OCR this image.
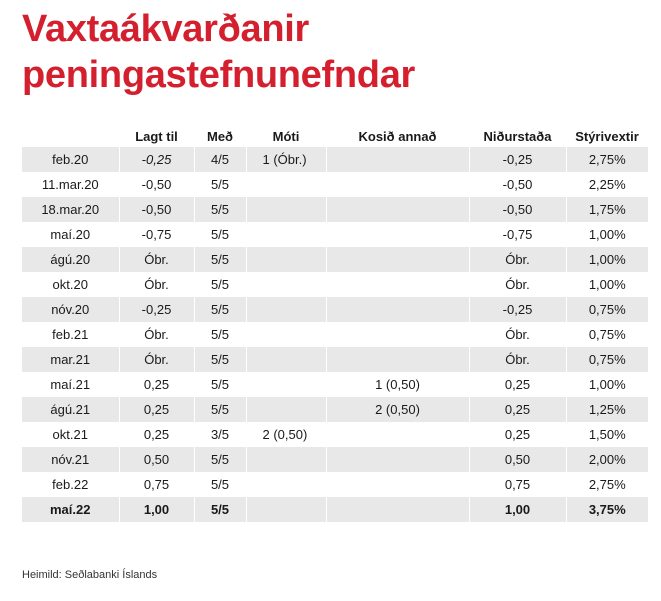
Vaxtaákvarðanir
peningastefnunefndar
	Lagt til	Með	Móti	Kosið annað	Niðurstaða	Stýrivextir
feb.20	-0,25	4/5	1 (Óbr.)		-0,25	2,75%
11.mar.20	-0,50	5/5			-0,50	2,25%
18.mar.20	-0,50	5/5			-0,50	1,75%
maí.20	-0,75	5/5			-0,75	1,00%
ágú.20	Óbr.	5/5			Óbr.	1,00%
okt.20	Óbr.	5/5			Óbr.	1,00%
nóv.20	-0,25	5/5			-0,25	0,75%
feb.21	Óbr.	5/5			Óbr.	0,75%
mar.21	Óbr.	5/5			Óbr.	0,75%
maí.21	0,25	5/5		1 (0,50)	0,25	1,00%
ágú.21	0,25	5/5		2 (0,50)	0,25	1,25%
okt.21	0,25	3/5	2 (0,50)		0,25	1,50%
nóv.21	0,50	5/5			0,50	2,00%
feb.22	0,75	5/5			0,75	2,75%
maí.22	1,00	5/5			1,00	3,75%
Heimild: Seðlabanki Íslands
